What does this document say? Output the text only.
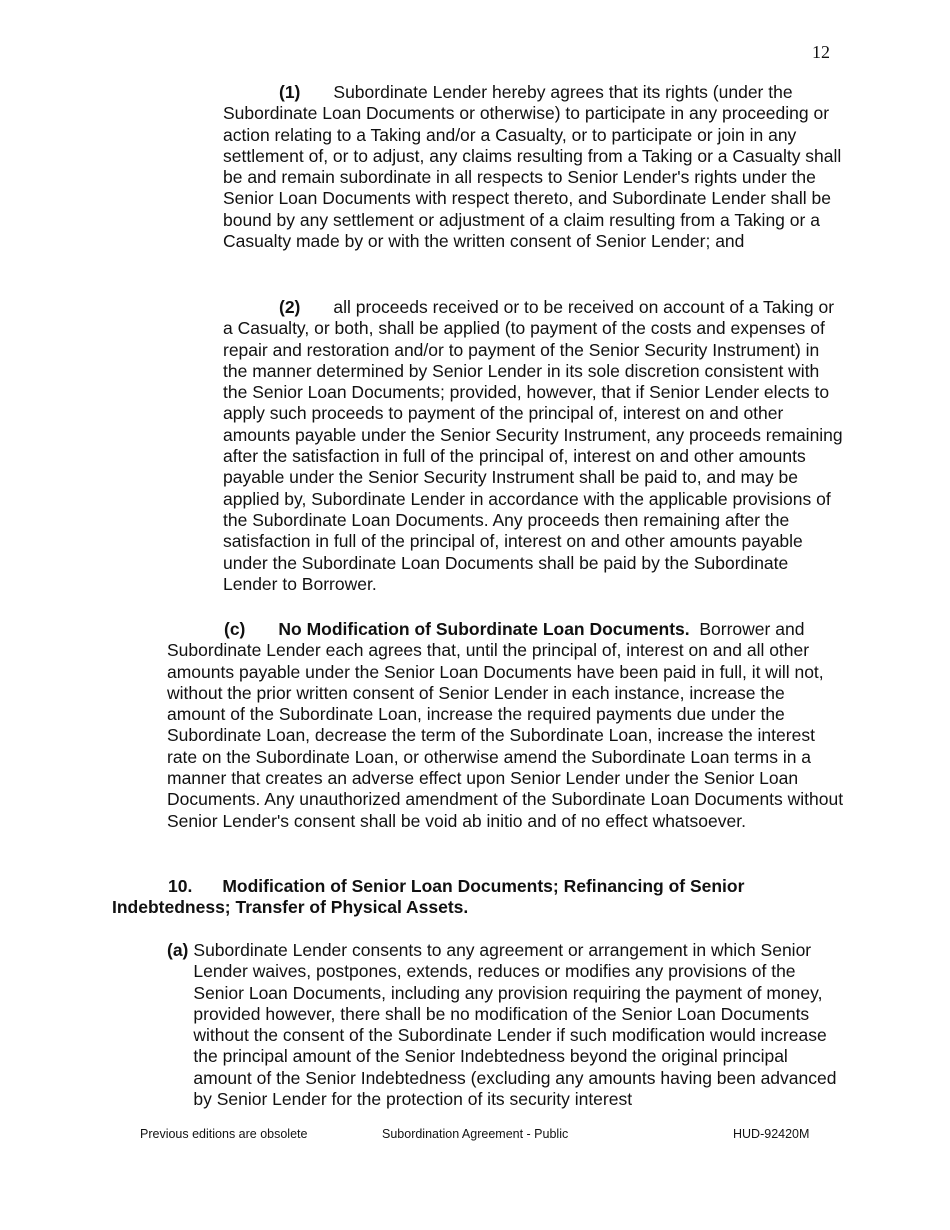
12

(1) Subordinate Lender hereby agrees that its rights (under the Subordinate Loan Documents or otherwise) to participate in any proceeding or action relating to a Taking and/or a Casualty, or to participate or join in any settlement of, or to adjust, any claims resulting from a Taking or a Casualty shall be and remain subordinate in all respects to Senior Lender's rights under the Senior Loan Documents with respect thereto, and Subordinate Lender shall be bound by any settlement or adjustment of a claim resulting from a Taking or a Casualty made by or with the written consent of Senior Lender; and

(2) all proceeds received or to be received on account of a Taking or a Casualty, or both, shall be applied (to payment of the costs and expenses of repair and restoration and/or to payment of the Senior Security Instrument) in the manner determined by Senior Lender in its sole discretion consistent with the Senior Loan Documents; provided, however, that if Senior Lender elects to apply such proceeds to payment of the principal of, interest on and other amounts payable under the Senior Security Instrument, any proceeds remaining after the satisfaction in full of the principal of, interest on and other amounts payable under the Senior Security Instrument shall be paid to, and may be applied by, Subordinate Lender in accordance with the applicable provisions of the Subordinate Loan Documents. Any proceeds then remaining after the satisfaction in full of the principal of, interest on and other amounts payable under the Subordinate Loan Documents shall be paid by the Subordinate Lender to Borrower.

(c) No Modification of Subordinate Loan Documents. Borrower and Subordinate Lender each agrees that, until the principal of, interest on and all other amounts payable under the Senior Loan Documents have been paid in full, it will not, without the prior written consent of Senior Lender in each instance, increase the amount of the Subordinate Loan, increase the required payments due under the Subordinate Loan, decrease the term of the Subordinate Loan, increase the interest rate on the Subordinate Loan, or otherwise amend the Subordinate Loan terms in a manner that creates an adverse effect upon Senior Lender under the Senior Loan Documents. Any unauthorized amendment of the Subordinate Loan Documents without Senior Lender's consent shall be void ab initio and of no effect whatsoever.

10. Modification of Senior Loan Documents; Refinancing of Senior Indebtedness; Transfer of Physical Assets.

(a) Subordinate Lender consents to any agreement or arrangement in which Senior Lender waives, postpones, extends, reduces or modifies any provisions of the Senior Loan Documents, including any provision requiring the payment of money, provided however, there shall be no modification of the Senior Loan Documents without the consent of the Subordinate Lender if such modification would increase the principal amount of the Senior Indebtedness beyond the original principal amount of the Senior Indebtedness (excluding any amounts having been advanced by Senior Lender for the protection of its security interest
Previous editions are obsolete	Subordination Agreement - Public	HUD-92420M
